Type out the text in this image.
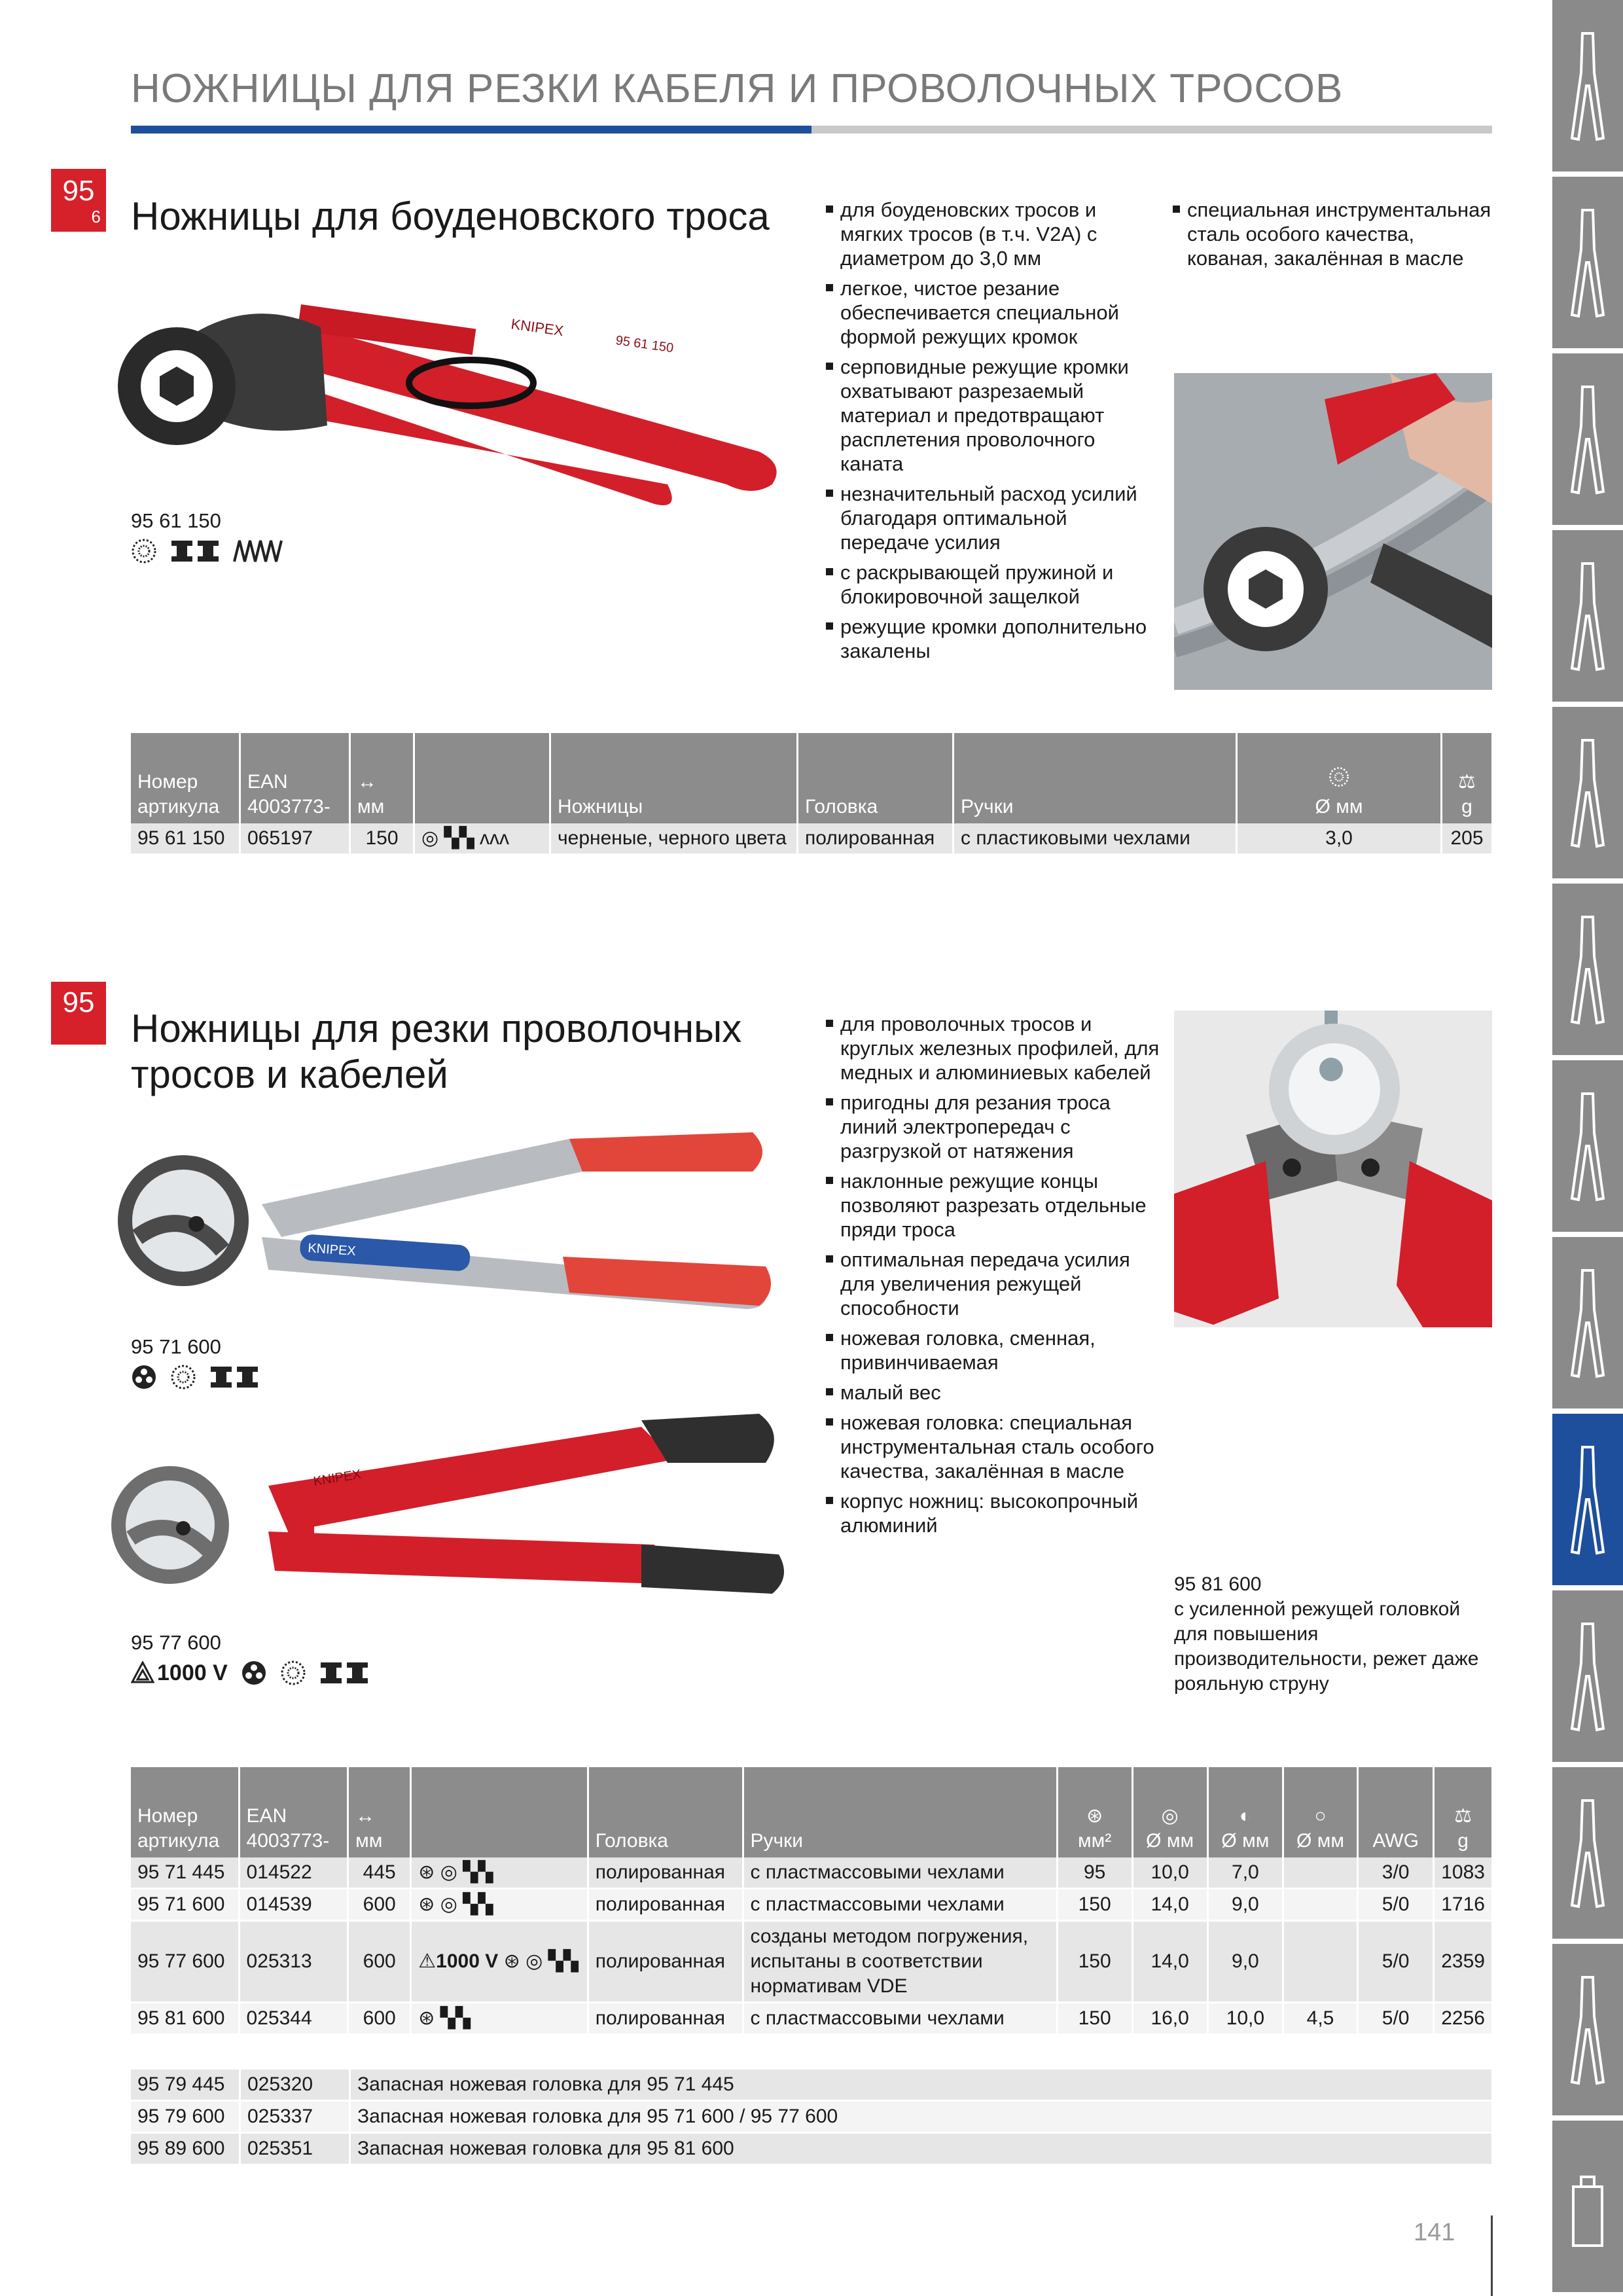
НОЖНИЦЫ ДЛЯ РЕЗКИ КАБЕЛЯ И ПРОВОЛОЧНЫХ ТРОСОВ
95
6 Ножницы для боуденовского троса
KNIPEX
95 61 150
95 61 150
для боуденовских тросов и мягких тросов (в т.ч. V2A) с диаметром до 3,0 мм
легкое, чистое резание обеспечивается специальной формой режущих кромок
серповидные режущие кромки охватывают разрезаемый материал и предотвращают расплетения проволочного каната
незначительный расход усилий благодаря оптимальной передаче усилия
с раскрывающей пружиной и блокировочной защелкой
режущие кромки дополнительно закалены
специальная инструментальная сталь особого качества, кованая, закалённая в масле
Номер артикула	EAN 4003773-	↔
мм		Ножницы	Головка	Ручки	Ø мм	⚖
g
95 61 150	065197	150	◎ ▚▚ ʌʌʌ	черненые, черного цвета	полированная	с пластиковыми чехлами	3,0	205
95
Ножницы для резки проволочных тросов и кабелей
KNIPEX
95 71 600
KNIPEX
95 77 600
1000 V
для проволочных тросов и круглых железных профилей, для медных и алюминиевых кабелей
пригодны для резания троса линий электропередач с разгрузкой от натяжения
наклонные режущие концы позволяют разрезать отдельные пряди троса
оптимальная передача усилия для увеличения режущей способности
ножевая головка, сменная, привинчиваемая
малый вес
ножевая головка: специальная инструментальная сталь особого качества, закалённая в масле
корпус ножниц: высокопрочный алюминий
95 81 600
с усиленной режущей головкой для повышения производительности, режет даже рояльную струну
Номер артикула	EAN 4003773-	↔
мм		Головка	Ручки	⊛
мм²	◎
Ø мм	◐
Ø мм	○
Ø мм	AWG	⚖
g
95 71 445	014522	445	⊛ ◎ ▚▚	полированная	с пластмассовыми чехлами	95	10,0	7,0		3/0	1083
95 71 600	014539	600	⊛ ◎ ▚▚	полированная	с пластмассовыми чехлами	150	14,0	9,0		5/0	1716
95 77 600	025313	600	⚠1000 V ⊛ ◎ ▚▚	полированная	созданы методом погружения, испытаны в соответствии нормативам VDE	150	14,0	9,0		5/0	2359
95 81 600	025344	600	⊛ ▚▚	полированная	с пластмассовыми чехлами	150	16,0	10,0	4,5	5/0	2256
95 79 445	025320	Запасная ножевая головка для 95 71 445
95 79 600	025337	Запасная ножевая головка для 95 71 600 / 95 77 600
95 89 600	025351	Запасная ножевая головка для 95 81 600
141
